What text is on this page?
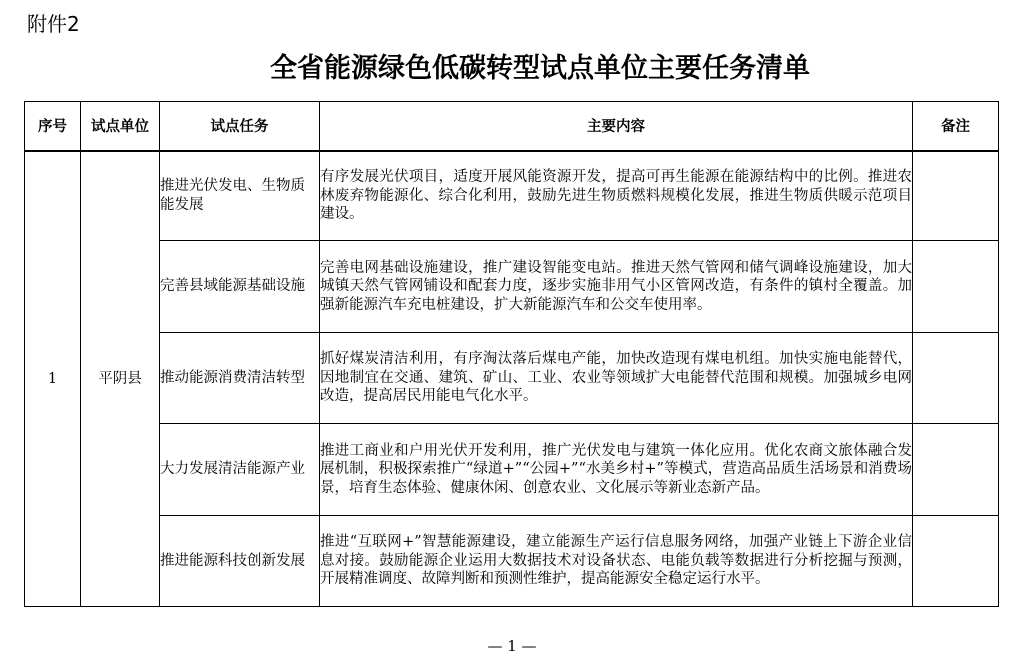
附件2
全省能源绿色低碳转型试点单位主要任务清单
序号	试点单位	试点任务	主要内容	备注
1	平阴县	推进光伏发电、生物质能发展	有序发展光伏项目，适度开展风能资源开发，提高可再生能源在能源结构中的比例。推进农林废弃物能源化、综合化利用，鼓励先进生物质燃料规模化发展，推进生物质供暖示范项目建设。	
		完善县域能源基础设施	完善电网基础设施建设，推广建设智能变电站。推进天然气管网和储气调峰设施建设，加大城镇天然气管网铺设和配套力度，逐步实施非用气小区管网改造，有条件的镇村全覆盖。加强新能源汽车充电桩建设，扩大新能源汽车和公交车使用率。	
		推动能源消费清洁转型	抓好煤炭清洁利用，有序淘汰落后煤电产能，加快改造现有煤电机组。加快实施电能替代，因地制宜在交通、建筑、矿山、工业、农业等领域扩大电能替代范围和规模。加强城乡电网改造，提高居民用能电气化水平。	
		大力发展清洁能源产业	推进工商业和户用光伏开发利用，推广光伏发电与建筑一体化应用。优化农商文旅体融合发展机制，积极探索推广“绿道+”“公园+”“水美乡村+”等模式，营造高品质生活场景和消费场景，培育生态体验、健康休闲、创意农业、文化展示等新业态新产品。	
		推进能源科技创新发展	推进“互联网+”智慧能源建设，建立能源生产运行信息服务网络，加强产业链上下游企业信息对接。鼓励能源企业运用大数据技术对设备状态、电能负载等数据进行分析挖掘与预测，开展精准调度、故障判断和预测性维护，提高能源安全稳定运行水平。	
— 1 —
